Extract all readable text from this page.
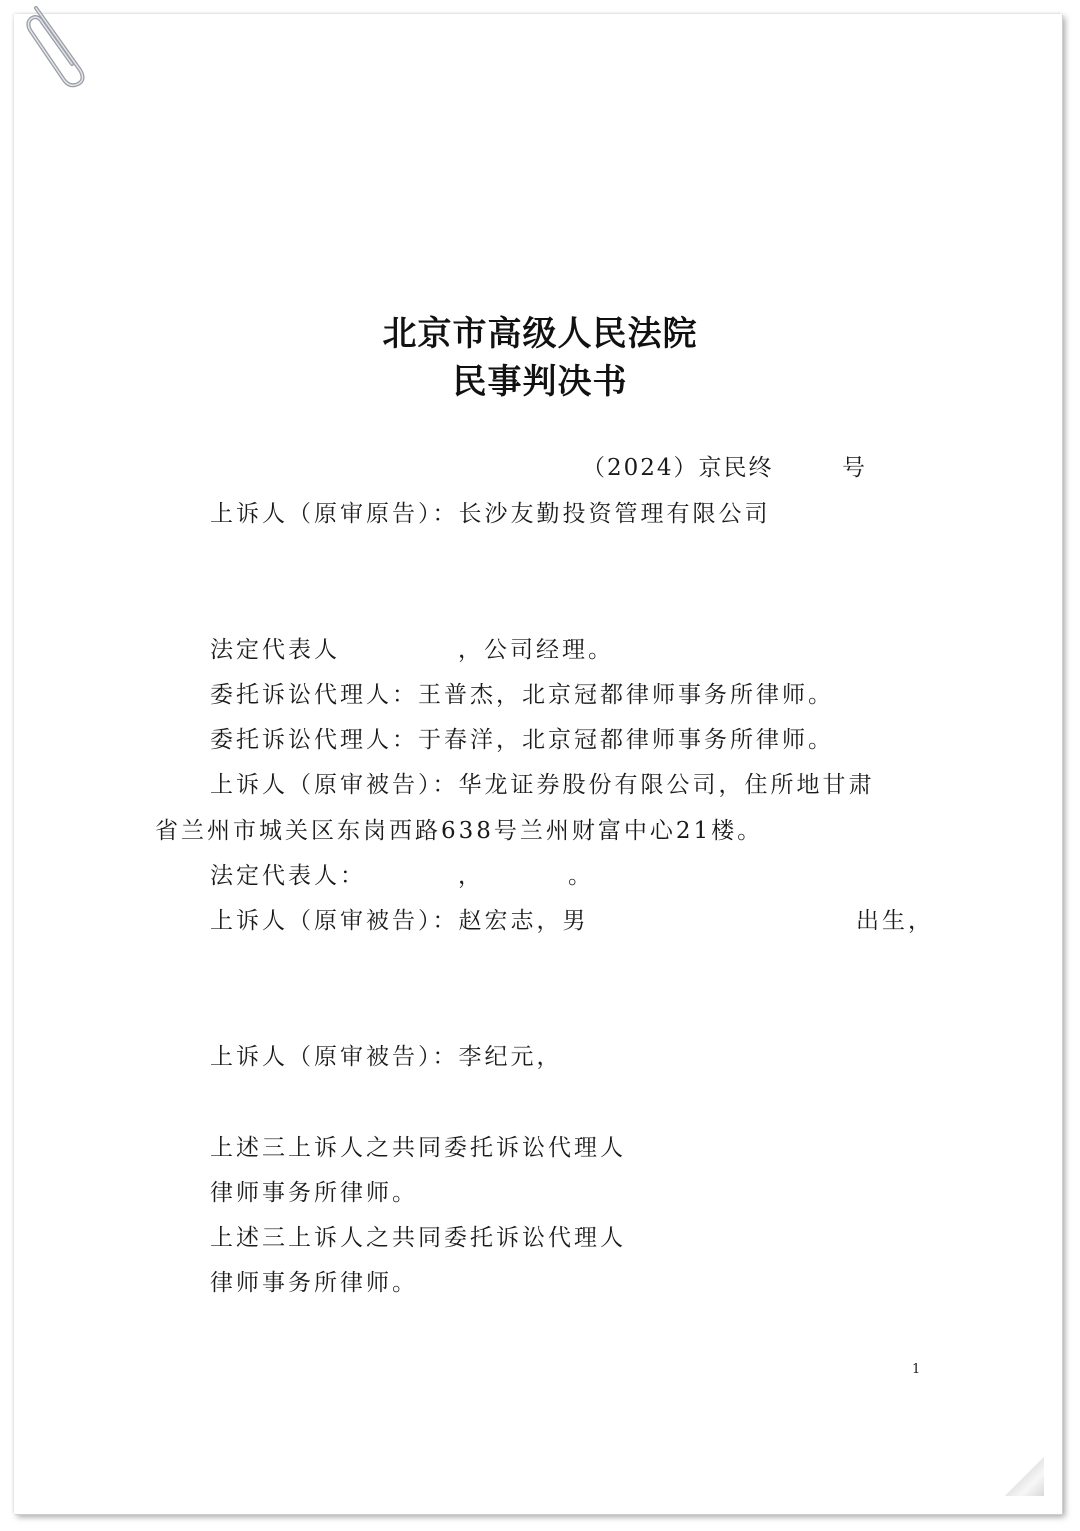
北京市高级人民法院
民事判决书
（2024）京民终	号
上诉人（原审原告）：长沙友勤投资管理有限公司
法定代表人	，公司经理。
委托诉讼代理人：王普杰，北京冠都律师事务所律师。
委托诉讼代理人：于春洋，北京冠都律师事务所律师。
上诉人（原审被告）：华龙证券股份有限公司，住所地甘肃
省兰州市城关区东岗西路638号兰州财富中心21楼。
法定代表人：	，	。
上诉人（原审被告）：赵宏志，男	出生，
上诉人（原审被告）：李纪元，
上述三上诉人之共同委托诉讼代理人
律师事务所律师。
上述三上诉人之共同委托诉讼代理人
律师事务所律师。
1
